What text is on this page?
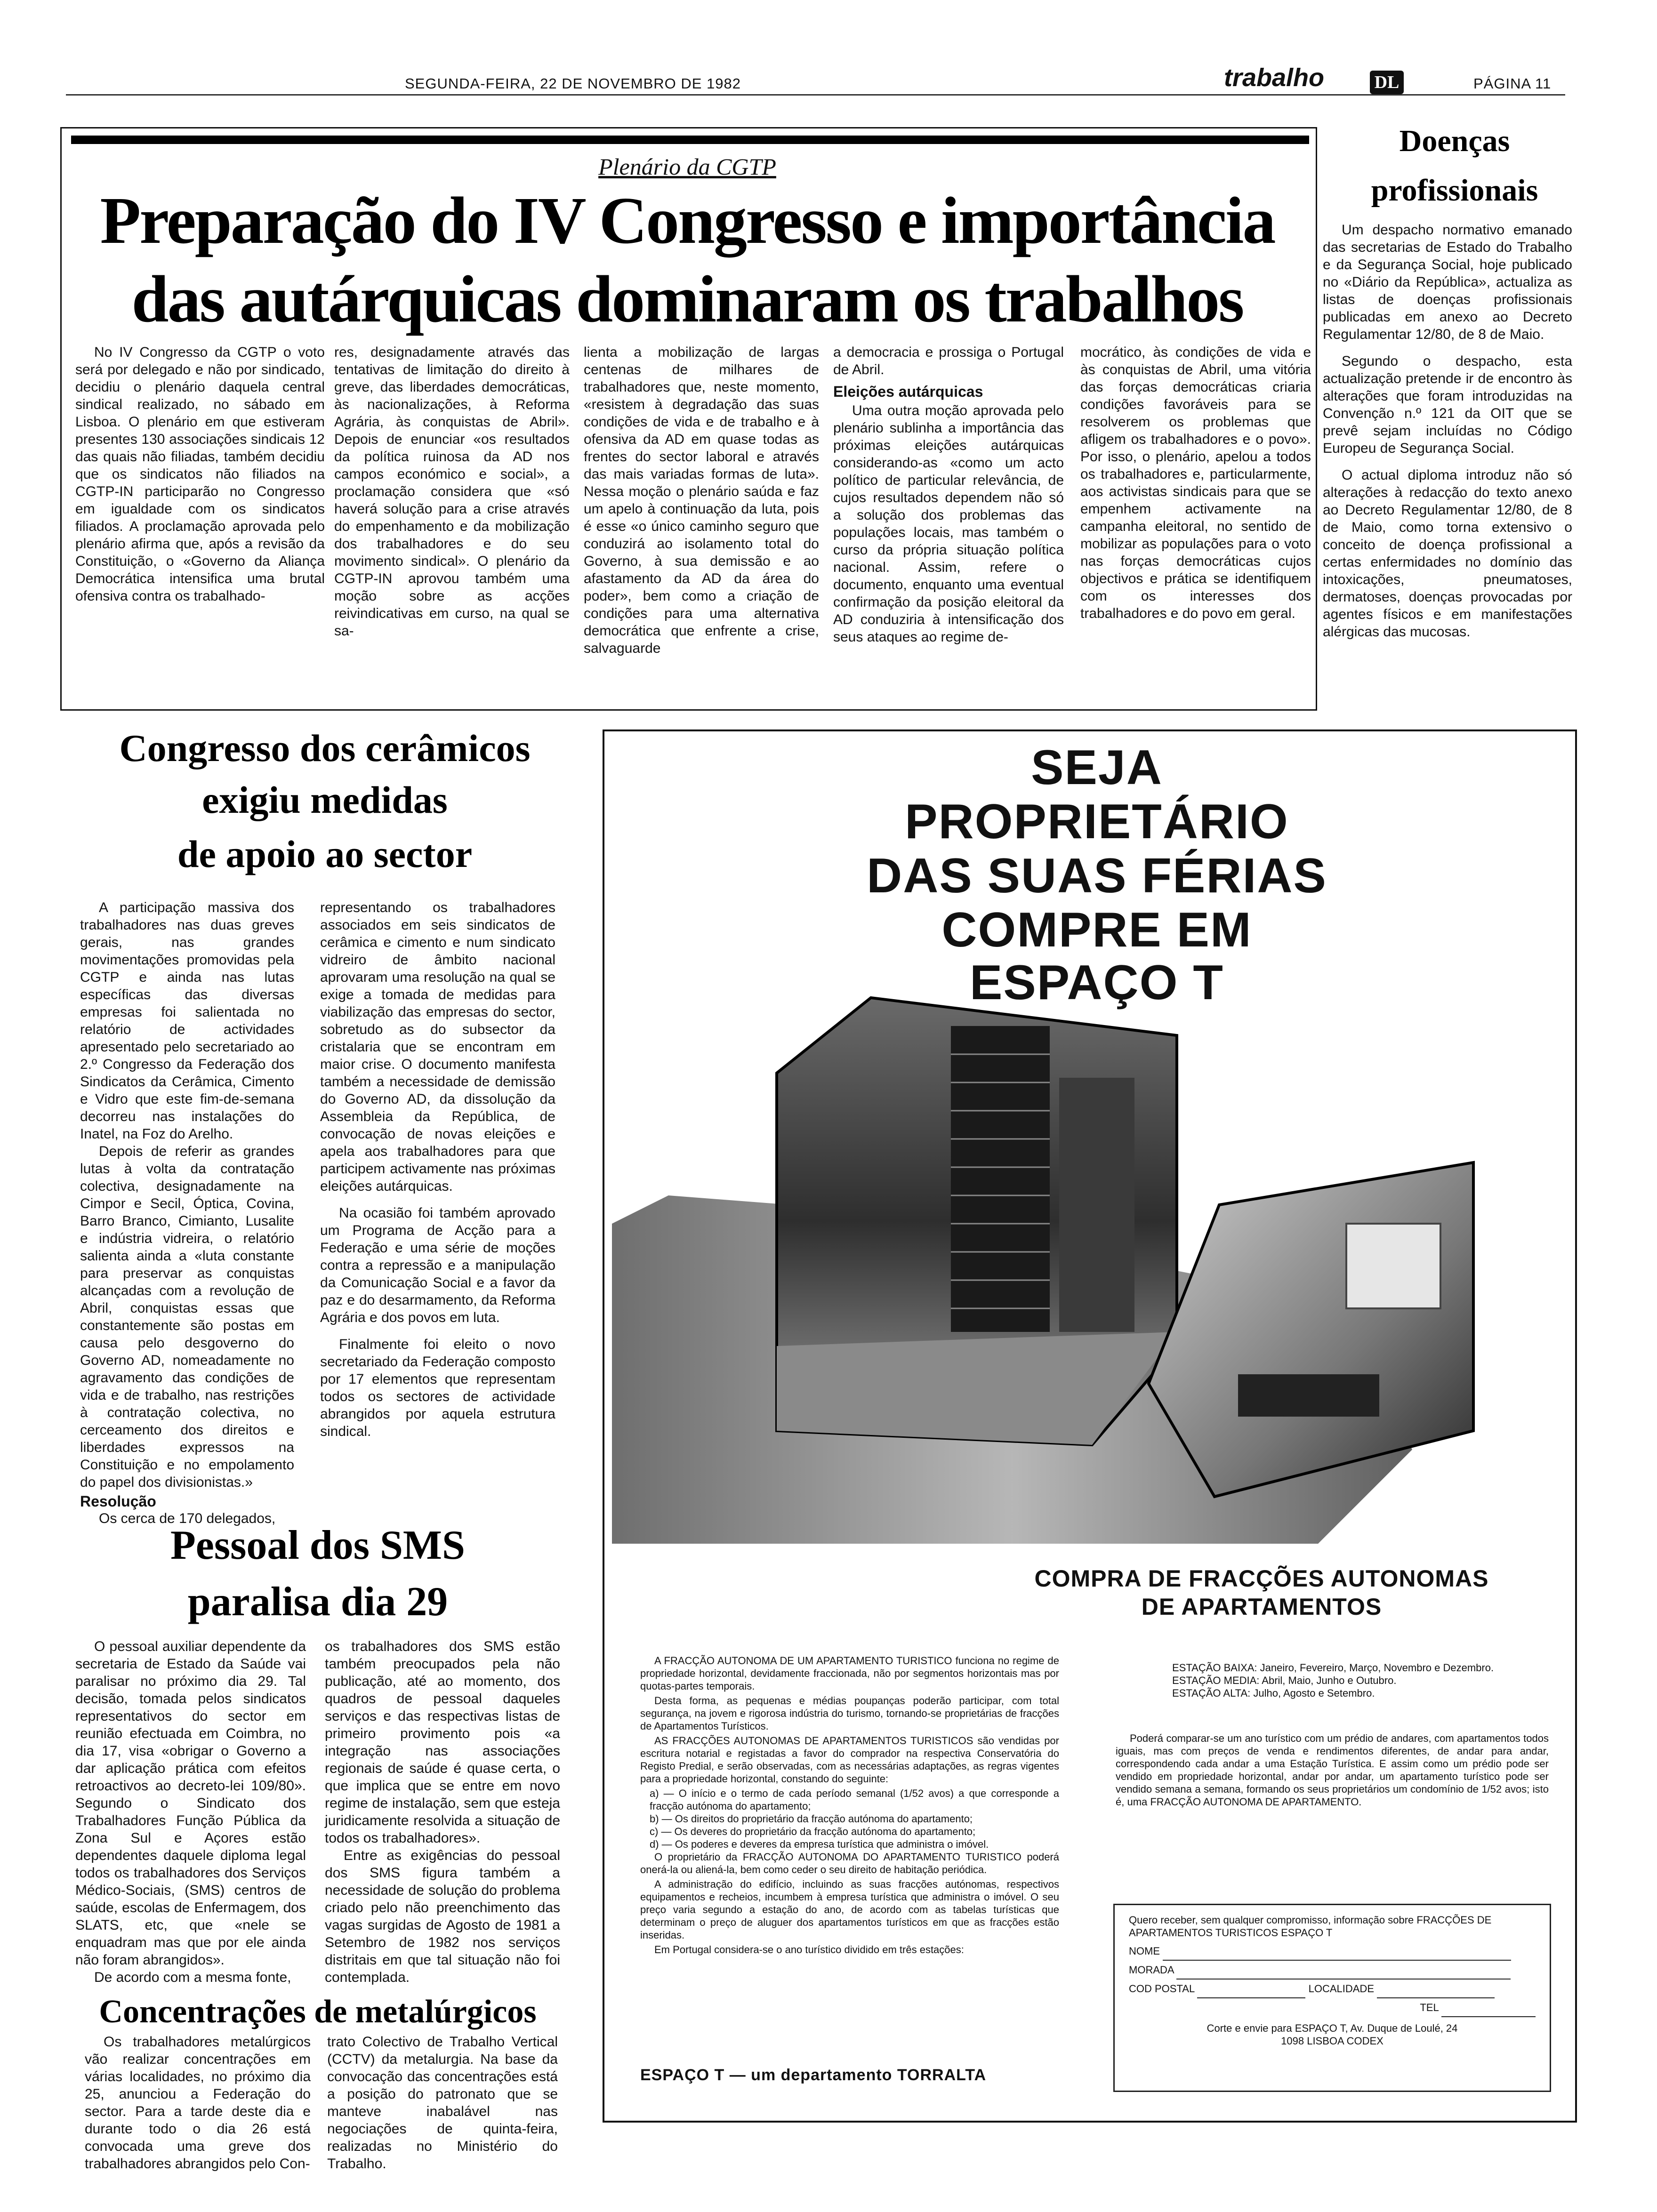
SEGUNDA-FEIRA, 22 DE NOVEMBRO DE 1982	trabalho	DL	PÁGINA 11
Plenário da CGTP
Preparação do IV Congresso e importância
das autárquicas dominaram os trabalhos

No IV Congresso da CGTP o voto será por delegado e não por sindicado, decidiu o plenário daquela central sindical realizado, no sábado em Lisboa. O plenário em que estiveram presentes 130 associações sindicais 12 das quais não filiadas, também decidiu que os sindicatos não filiados na CGTP-IN participarão no Congresso em igualdade com os sindicatos filiados. A proclamação aprovada pelo plenário afirma que, após a revisão da Constituição, o «Governo da Aliança Democrática intensifica uma brutal ofensiva contra os trabalhado-

res, designadamente através das tentativas de limitação do direito à greve, das liberdades democráticas, às nacionalizações, à Reforma Agrária, às conquistas de Abril». Depois de enunciar «os resultados da política ruinosa da AD nos campos económico e social», a proclamação considera que «só haverá solução para a crise através do empenhamento e da mobilização dos trabalhadores e do seu movimento sindical». O plenário da CGTP-IN aprovou também uma moção sobre as acções reivindicativas em curso, na qual se sa-

lienta a mobilização de largas centenas de milhares de trabalhadores que, neste momento, «resistem à degradação das suas condições de vida e de trabalho e à ofensiva da AD em quase todas as frentes do sector laboral e através das mais variadas formas de luta». Nessa moção o plenário saúda e faz um apelo à continuação da luta, pois é esse «o único caminho seguro que conduzirá ao isolamento total do Governo, à sua demissão e ao afastamento da AD da área do poder», bem como a criação de condições para uma alternativa democrática que enfrente a crise, salvaguarde

a democracia e prossiga o Portugal de Abril.

Eleições autárquicas

Uma outra moção aprovada pelo plenário sublinha a importância das próximas eleições autárquicas considerando-as «como um acto político de particular relevância, de cujos resultados dependem não só a solução dos problemas das populações locais, mas também o curso da própria situação política nacional. Assim, refere o documento, enquanto uma eventual confirmação da posição eleitoral da AD conduziria à intensificação dos seus ataques ao regime de-

mocrático, às condições de vida e às conquistas de Abril, uma vitória das forças democráticas criaria condições favoráveis para se resolverem os problemas que afligem os trabalhadores e o povo». Por isso, o plenário, apelou a todos os trabalhadores e, particularmente, aos activistas sindicais para que se empenhem activamente na campanha eleitoral, no sentido de mobilizar as populações para o voto nas forças democráticas cujos objectivos e prática se identifiquem com os interesses dos trabalhadores e do povo em geral.

Doenças
profissionais

Um despacho normativo emanado das secretarias de Estado do Trabalho e da Segurança Social, hoje publicado no «Diário da República», actualiza as listas de doenças profissionais publicadas em anexo ao Decreto Regulamentar 12/80, de 8 de Maio.

Segundo o despacho, esta actualização pretende ir de encontro às alterações que foram introduzidas na Convenção n.º 121 da OIT que se prevê sejam incluídas no Código Europeu de Segurança Social.

O actual diploma introduz não só alterações à redacção do texto anexo ao Decreto Regulamentar 12/80, de 8 de Maio, como torna extensivo o conceito de doença profissional a certas enfermidades no domínio das intoxicações, pneumatoses, dermatoses, doenças provocadas por agentes físicos e em manifestações alérgicas das mucosas.

Congresso dos cerâmicos
exigiu medidas
de apoio ao sector

A participação massiva dos trabalhadores nas duas greves gerais, nas grandes movimentações promovidas pela CGTP e ainda nas lutas específicas das diversas empresas foi salientada no relatório de actividades apresentado pelo secretariado ao 2.º Congresso da Federação dos Sindicatos da Cerâmica, Cimento e Vidro que este fim-de-semana decorreu nas instalações do Inatel, na Foz do Arelho.

Depois de referir as grandes lutas à volta da contratação colectiva, designadamente na Cimpor e Secil, Óptica, Covina, Barro Branco, Cimianto, Lusalite e indústria vidreira, o relatório salienta ainda a «luta constante para preservar as conquistas alcançadas com a revolução de Abril, conquistas essas que constantemente são postas em causa pelo desgoverno do Governo AD, nomeadamente no agravamento das condições de vida e de trabalho, nas restrições à contratação colectiva, no cerceamento dos direitos e liberdades expressos na Constituição e no empolamento do papel dos divisionistas.»

Resolução

Os cerca de 170 delegados,

representando os trabalhadores associados em seis sindicatos de cerâmica e cimento e num sindicato vidreiro de âmbito nacional aprovaram uma resolução na qual se exige a tomada de medidas para viabilização das empresas do sector, sobretudo as do subsector da cristalaria que se encontram em maior crise. O documento manifesta também a necessidade de demissão do Governo AD, da dissolução da Assembleia da República, de convocação de novas eleições e apela aos trabalhadores para que participem activamente nas próximas eleições autárquicas.

Na ocasião foi também aprovado um Programa de Acção para a Federação e uma série de moções contra a repressão e a manipulação da Comunicação Social e a favor da paz e do desarmamento, da Reforma Agrária e dos povos em luta.

Finalmente foi eleito o novo secretariado da Federação composto por 17 elementos que representam todos os sectores de actividade abrangidos por aquela estrutura sindical.

Pessoal dos SMS
paralisa dia 29

O pessoal auxiliar dependente da secretaria de Estado da Saúde vai paralisar no próximo dia 29. Tal decisão, tomada pelos sindicatos representativos do sector em reunião efectuada em Coimbra, no dia 17, visa «obrigar o Governo a dar aplicação prática com efeitos retroactivos ao decreto-lei 109/80». Segundo o Sindicato dos Trabalhadores Função Pública da Zona Sul e Açores estão dependentes daquele diploma legal todos os trabalhadores dos Serviços Médico-Sociais, (SMS) centros de saúde, escolas de Enfermagem, dos SLATS, etc, que «nele se enquadram mas que por ele ainda não foram abrangidos».

De acordo com a mesma fonte,

os trabalhadores dos SMS estão também preocupados pela não publicação, até ao momento, dos quadros de pessoal daqueles serviços e das respectivas listas de primeiro provimento pois «a integração nas associações regionais de saúde é quase certa, o que implica que se entre em novo regime de instalação, sem que esteja juridicamente resolvida a situação de todos os trabalhadores».

Entre as exigências do pessoal dos SMS figura também a necessidade de solução do problema criado pelo não preenchimento das vagas surgidas de Agosto de 1981 a Setembro de 1982 nos serviços distritais em que tal situação não foi contemplada.

Concentrações de metalúrgicos

Os trabalhadores metalúrgicos vão realizar concentrações em várias localidades, no próximo dia 25, anunciou a Federação do sector. Para a tarde deste dia e durante todo o dia 26 está convocada uma greve dos trabalhadores abrangidos pelo Con-

trato Colectivo de Trabalho Vertical (CCTV) da metalurgia. Na base da convocação das concentrações está a posição do patronato que se manteve inabalável nas negociações de quinta-feira, realizadas no Ministério do Trabalho.

SEJA
PROPRIETÁRIO
DAS SUAS FÉRIAS
COMPRE EM ESPAÇO T
COMPRA DE FRACÇÕES AUTONOMAS
DE APARTAMENTOS

A FRACÇÃO AUTONOMA DE UM APARTAMENTO TURISTICO funciona no regime de propriedade horizontal, devidamente fraccionada, não por segmentos horizontais mas por quotas-partes temporais.

Desta forma, as pequenas e médias poupanças poderão participar, com total segurança, na jovem e rigorosa indústria do turismo, tornando-se proprietárias de fracções de Apartamentos Turísticos.

AS FRACÇÕES AUTONOMAS DE APARTAMENTOS TURISTICOS são vendidas por escritura notarial e registadas a favor do comprador na respectiva Conservatória do Registo Predial, e serão observadas, com as necessárias adaptações, as regras vigentes para a propriedade horizontal, constando do seguinte:

a) — O início e o termo de cada período semanal (1/52 avos) a que corresponde a fracção autónoma do apartamento;
b) — Os direitos do proprietário da fracção autónoma do apartamento;
c) — Os deveres do proprietário da fracção autónoma do apartamento;
d) — Os poderes e deveres da empresa turística que administra o imóvel.

O proprietário da FRACÇÃO AUTONOMA DO APARTAMENTO TURISTICO poderá onerá-la ou aliená-la, bem como ceder o seu direito de habitação periódica.

A administração do edifício, incluindo as suas fracções autónomas, respectivos equipamentos e recheios, incumbem à empresa turística que administra o imóvel. O seu preço varia segundo a estação do ano, de acordo com as tabelas turísticas que determinam o preço de aluguer dos apartamentos turísticos em que as fracções estão inseridas.

Em Portugal considera-se o ano turístico dividido em três estações:

ESPAÇO T — um departamento TORRALTA
ESTAÇÃO BAIXA: Janeiro, Fevereiro, Março, Novembro e Dezembro.
ESTAÇÃO MEDIA: Abril, Maio, Junho e Outubro.
ESTAÇÃO ALTA: Julho, Agosto e Setembro.

Poderá comparar-se um ano turístico com um prédio de andares, com apartamentos todos iguais, mas com preços de venda e rendimentos diferentes, de andar para andar, correspondendo cada andar a uma Estação Turística. E assim como um prédio pode ser vendido em propriedade horizontal, andar por andar, um apartamento turístico pode ser vendido semana a semana, formando os seus proprietários um condomínio de 1/52 avos; isto é, uma FRACÇÃO AUTONOMA DE APARTAMENTO.

Quero receber, sem qualquer compromisso, informação sobre FRACÇÕES DE APARTAMENTOS TURISTICOS ESPAÇO T
NOME
MORADA
COD POSTAL	LOCALIDADE
TEL
Corte e envie para ESPAÇO T, Av. Duque de Loulé, 24
1098 LISBOA CODEX
